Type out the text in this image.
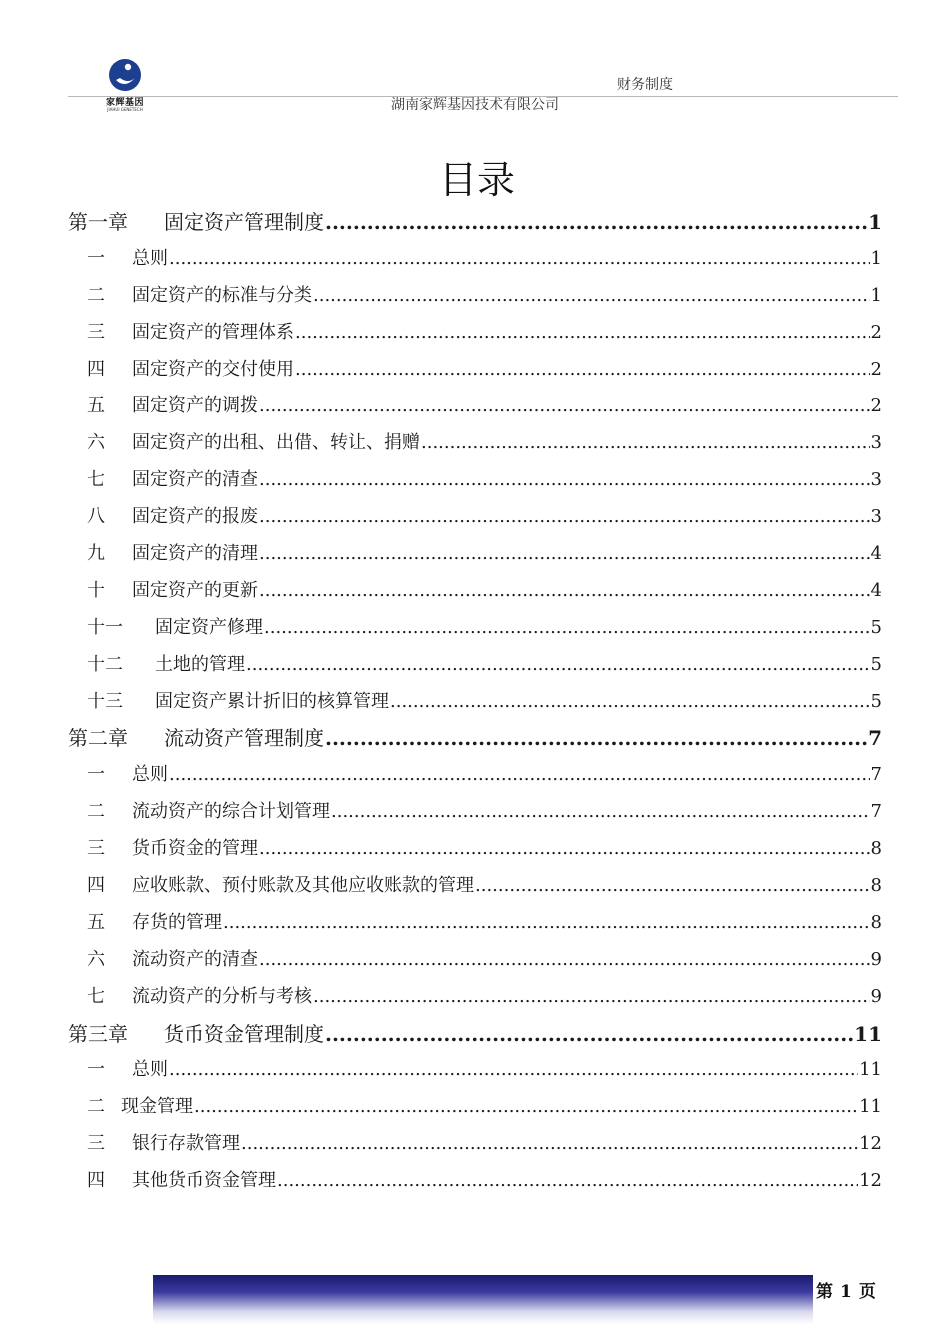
家辉基因
JIAHUI GENETECH
财务制度
湖南家辉基因技术有限公司
目录
第一章	固定资产管理制度 .....	1
一	总则 .....	1
二	固定资产的标准与分类 .....	1
三	固定资产的管理体系 .....	2
四	固定资产的交付使用 .....	2
五	固定资产的调拨 .....	2
六	固定资产的出租、出借、转让、捐赠 .....	3
七	固定资产的清查 .....	3
八	固定资产的报废 .....	3
九	固定资产的清理 .....	4
十	固定资产的更新 .....	4
十一	固定资产修理 .....	5
十二	土地的管理 .....	5
十三	固定资产累计折旧的核算管理 .....	5
第二章	流动资产管理制度 .....	7
一	总则 .....	7
二	流动资产的综合计划管理 .....	7
三	货币资金的管理 .....	8
四	应收账款、预付账款及其他应收账款的管理 .....	8
五	存货的管理 .....	8
六	流动资产的清查 .....	9
七	流动资产的分析与考核 .....	9
第三章	货币资金管理制度 .....	11
一	总则 .....	11
二 现金管理 .....	11
三	银行存款管理 .....	12
四	其他货币资金管理 .....	12
第 1 页
